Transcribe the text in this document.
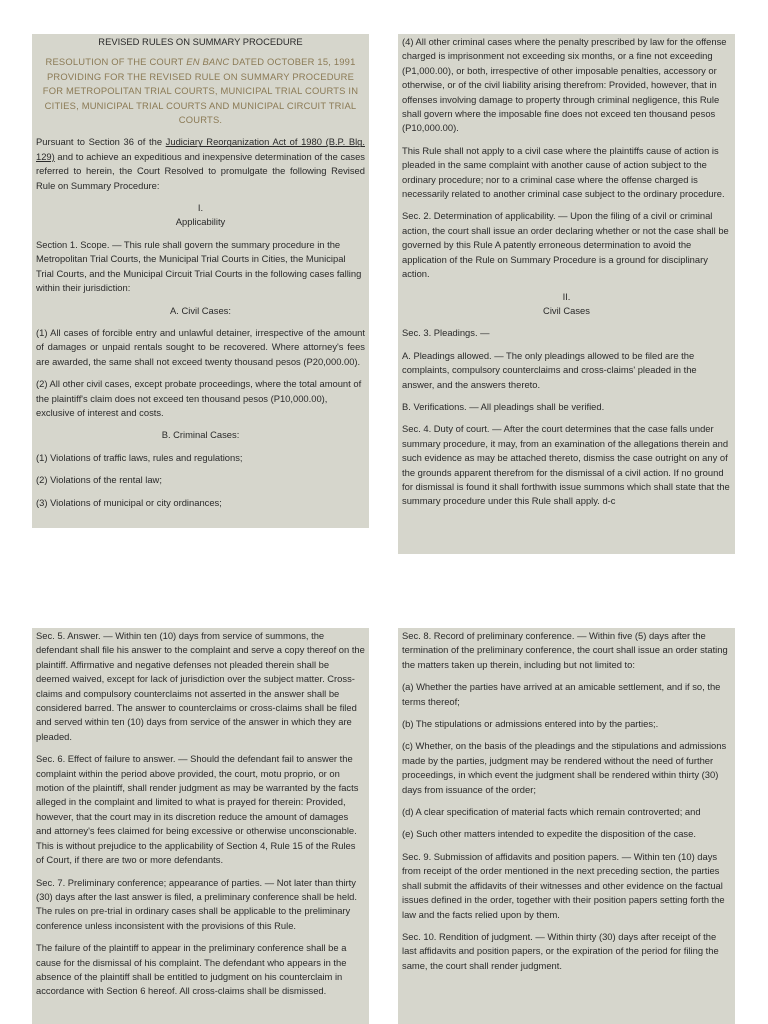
REVISED RULES ON SUMMARY PROCEDURE

RESOLUTION OF THE COURT EN BANC DATED OCTOBER 15, 1991 PROVIDING FOR THE REVISED RULE ON SUMMARY PROCEDURE FOR METROPOLITAN TRIAL COURTS, MUNICIPAL TRIAL COURTS IN CITIES, MUNICIPAL TRIAL COURTS AND MUNICIPAL CIRCUIT TRIAL COURTS.

Pursuant to Section 36 of the Judiciary Reorganization Act of 1980 (B.P. Blg. 129) and to achieve an expeditious and inexpensive determination of the cases referred to herein, the Court Resolved to promulgate the following Revised Rule on Summary Procedure:

I.

Applicability

Section 1. Scope. — This rule shall govern the summary procedure in the Metropolitan Trial Courts, the Municipal Trial Courts in Cities, the Municipal Trial Courts, and the Municipal Circuit Trial Courts in the following cases falling within their jurisdiction:

A. Civil Cases:

(1) All cases of forcible entry and unlawful detainer, irrespective of the amount of damages or unpaid rentals sought to be recovered. Where attorney's fees are awarded, the same shall not exceed twenty thousand pesos (P20,000.00).

(2) All other civil cases, except probate proceedings, where the total amount of the plaintiff's claim does not exceed ten thousand pesos (P10,000.00), exclusive of interest and costs.

B. Criminal Cases:

(1) Violations of traffic laws, rules and regulations;

(2) Violations of the rental law;

(3) Violations of municipal or city ordinances;

(4) All other criminal cases where the penalty prescribed by law for the offense charged is imprisonment not exceeding six months, or a fine not exceeding (P1,000.00), or both, irrespective of other imposable penalties, accessory or otherwise, or of the civil liability arising therefrom: Provided, however, that in offenses involving damage to property through criminal negligence, this Rule shall govern where the imposable fine does not exceed ten thousand pesos (P10,000.00).

This Rule shall not apply to a civil case where the plaintiffs cause of action is pleaded in the same complaint with another cause of action subject to the ordinary procedure; nor to a criminal case where the offense charged is necessarily related to another criminal case subject to the ordinary procedure.

Sec. 2. Determination of applicability. — Upon the filing of a civil or criminal action, the court shall issue an order declaring whether or not the case shall be governed by this Rule A patently erroneous determination to avoid the application of the Rule on Summary Procedure is a ground for disciplinary action.

II.

Civil Cases

Sec. 3. Pleadings. —

A. Pleadings allowed. — The only pleadings allowed to be filed are the complaints, compulsory counterclaims and cross-claims' pleaded in the answer, and the answers thereto.

B. Verifications. — All pleadings shall be verified.

Sec. 4. Duty of court. — After the court determines that the case falls under summary procedure, it may, from an examination of the allegations therein and such evidence as may be attached thereto, dismiss the case outright on any of the grounds apparent therefrom for the dismissal of a civil action. If no ground for dismissal is found it shall forthwith issue summons which shall state that the summary procedure under this Rule shall apply. d-c

Sec. 5. Answer. — Within ten (10) days from service of summons, the defendant shall file his answer to the complaint and serve a copy thereof on the plaintiff. Affirmative and negative defenses not pleaded therein shall be deemed waived, except for lack of jurisdiction over the subject matter. Cross-claims and compulsory counterclaims not asserted in the answer shall be considered barred. The answer to counterclaims or cross-claims shall be filed and served within ten (10) days from service of the answer in which they are pleaded.

Sec. 6. Effect of failure to answer. — Should the defendant fail to answer the complaint within the period above provided, the court, motu proprio, or on motion of the plaintiff, shall render judgment as may be warranted by the facts alleged in the complaint and limited to what is prayed for therein: Provided, however, that the court may in its discretion reduce the amount of damages and attorney's fees claimed for being excessive or otherwise unconscionable. This is without prejudice to the applicability of Section 4, Rule 15 of the Rules of Court, if there are two or more defendants.

Sec. 7. Preliminary conference; appearance of parties. — Not later than thirty (30) days after the last answer is filed, a preliminary conference shall be held. The rules on pre-trial in ordinary cases shall be applicable to the preliminary conference unless inconsistent with the provisions of this Rule.

The failure of the plaintiff to appear in the preliminary conference shall be a cause for the dismissal of his complaint. The defendant who appears in the absence of the plaintiff shall be entitled to judgment on his counterclaim in accordance with Section 6 hereof. All cross-claims shall be dismissed.

Sec. 8. Record of preliminary conference. — Within five (5) days after the termination of the preliminary conference, the court shall issue an order stating the matters taken up therein, including but not limited to:

(a) Whether the parties have arrived at an amicable settlement, and if so, the terms thereof;

(b) The stipulations or admissions entered into by the parties;.

(c) Whether, on the basis of the pleadings and the stipulations and admissions made by the parties, judgment may be rendered without the need of further proceedings, in which event the judgment shall be rendered within thirty (30) days from issuance of the order;

(d) A clear specification of material facts which remain controverted; and

(e) Such other matters intended to expedite the disposition of the case.

Sec. 9. Submission of affidavits and position papers. — Within ten (10) days from receipt of the order mentioned in the next preceding section, the parties shall submit the affidavits of their witnesses and other evidence on the factual issues defined in the order, together with their position papers setting forth the law and the facts relied upon by them.

Sec. 10. Rendition of judgment. — Within thirty (30) days after receipt of the last affidavits and position papers, or the expiration of the period for filing the same, the court shall render judgment.
